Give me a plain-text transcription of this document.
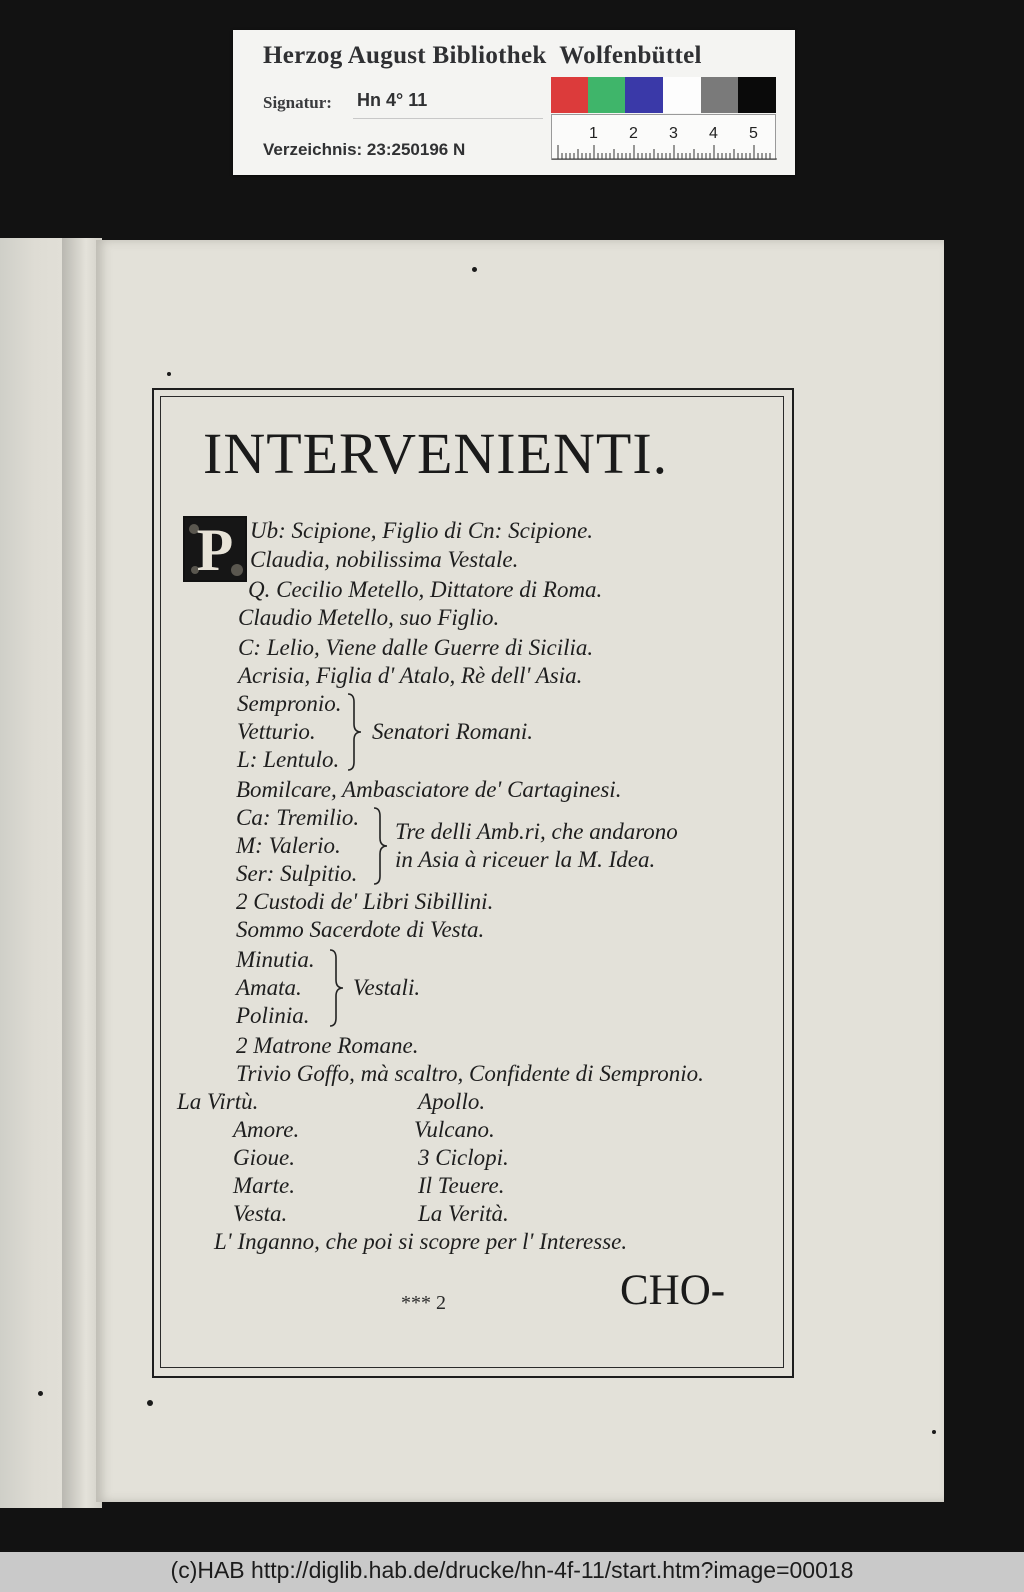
Herzog August Bibliothek  Wolfenbüttel
Signatur: Hn 4° 11
Verzeichnis: 23:250196 N
1 2 3 4 5
INTERVENIENTI.
P Ub: Scipione, Figlio di Cn: Scipione.
Claudia, nobilissima Vestale.
Q. Cecilio Metello, Dittatore di Roma.
Claudio Metello, suo Figlio.
C: Lelio, Viene dalle Guerre di Sicilia.
Acrisia, Figlia d' Atalo, Rè dell' Asia.
Sempronio.
Vetturio.
L: Lentulo.
Senatori Romani.
Bomilcare, Ambasciatore de' Cartaginesi.
Ca: Tremilio.
M: Valerio.
Ser: Sulpitio.
Tre delli Amb.ri, che andarono
in Asia à riceuer la M. Idea.
2 Custodi de' Libri Sibillini.
Sommo Sacerdote di Vesta.
Minutia.
Amata.
Polinia.
Vestali.
2 Matrone Romane.
Trivio Goffo, mà scaltro, Confidente di Sempronio.
La Virtù.	Apollo.
Amore.	Vulcano.
Gioue.	3 Ciclopi.
Marte.	Il Teuere.
Vesta.	La Verità.
L' Inganno, che poi si scopre per l' Interesse.
*** 2	CHO-
(c)HAB http://diglib.hab.de/drucke/hn-4f-11/start.htm?image=00018
